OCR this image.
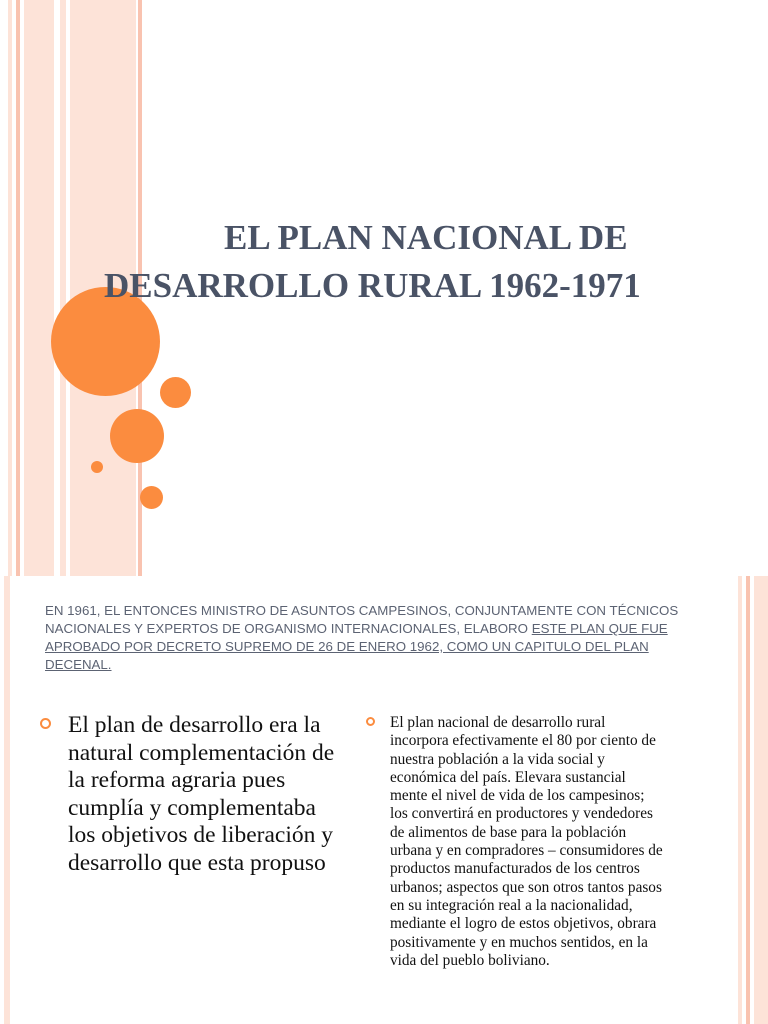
EL PLAN NACIONAL DE
DESARROLLO RURAL 1962-1971

EN 1961, EL ENTONCES MINISTRO DE ASUNTOS CAMPESINOS, CONJUNTAMENTE CON TÉCNICOS NACIONALES Y EXPERTOS DE ORGANISMO INTERNACIONALES, ELABORO ESTE PLAN QUE FUE APROBADO POR DECRETO SUPREMO DE 26 DE ENERO 1962, COMO UN CAPITULO DEL PLAN DECENAL.

El plan de desarrollo era la natural complementación de la reforma agraria pues cumplía y complementaba los objetivos de liberación y desarrollo que esta propuso
El plan nacional de desarrollo rural incorpora efectivamente el 80 por ciento de nuestra población a la vida social y económica del país. Elevara sustancial mente el nivel de vida de los campesinos; los convertirá en productores y vendedores de alimentos de base para la población urbana y en compradores – consumidores de productos manufacturados de los centros urbanos; aspectos que son otros tantos pasos en su integración real a la nacionalidad, mediante el logro de estos objetivos, obrara positivamente y en muchos sentidos, en la vida del pueblo boliviano.
